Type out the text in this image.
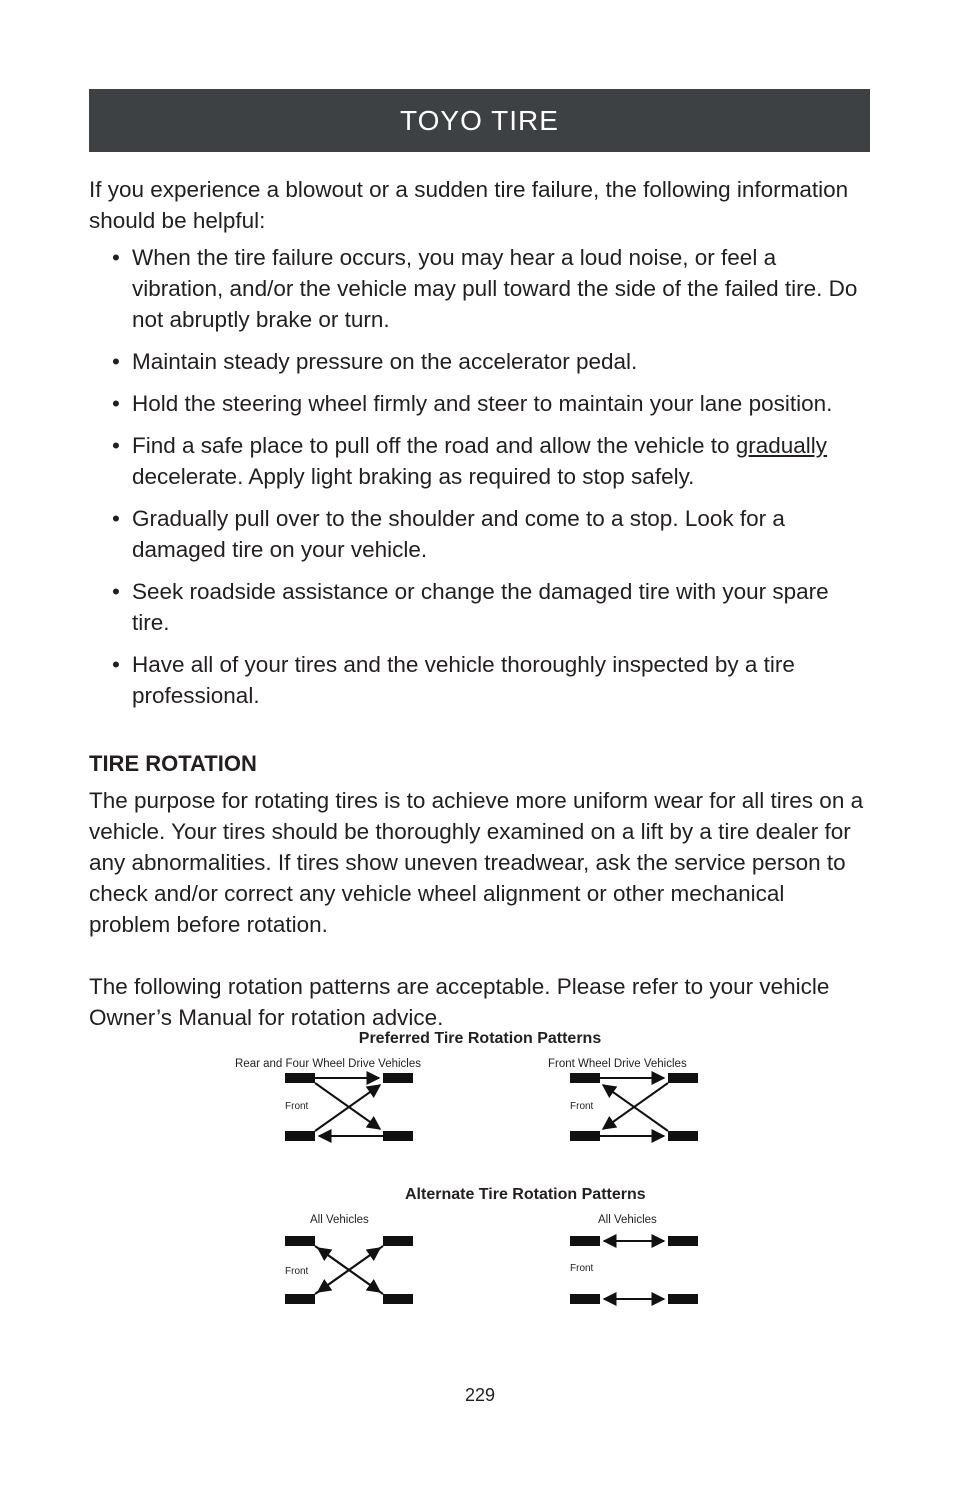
TOYO TIRE

If you experience a blowout or a sudden tire failure, the following information should be helpful:

• When the tire failure occurs, you may hear a loud noise, or feel a vibration, and/or the vehicle may pull toward the side of the failed tire. Do not abruptly brake or turn.
• Maintain steady pressure on the accelerator pedal.
• Hold the steering wheel firmly and steer to maintain your lane position.
• Find a safe place to pull off the road and allow the vehicle to gradually decelerate. Apply light braking as required to stop safely.
• Gradually pull over to the shoulder and come to a stop. Look for a damaged tire on your vehicle.
• Seek roadside assistance or change the damaged tire with your spare tire.
• Have all of your tires and the vehicle thoroughly inspected by a tire professional.

TIRE ROTATION

The purpose for rotating tires is to achieve more uniform wear for all tires on a vehicle. Your tires should be thoroughly examined on a lift by a tire dealer for any abnormalities. If tires show uneven treadwear, ask the service person to check and/or correct any vehicle wheel alignment or other mechanical problem before rotation.

The following rotation patterns are acceptable. Please refer to your vehicle Owner’s Manual for rotation advice.

Preferred Tire Rotation Patterns
Rear and Four Wheel Drive Vehicles	Front Wheel Drive Vehicles
Front	Front
Alternate Tire Rotation Patterns
All Vehicles	All Vehicles
Front	Front
229
